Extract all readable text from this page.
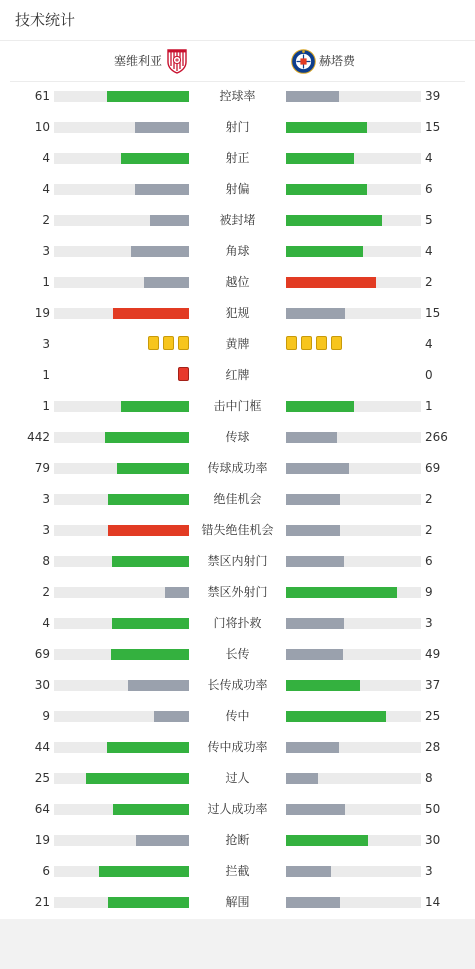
技术统计
塞维利亚	赫塔费
61	控球率	39
10	射门	15
4	射正	4
4	射偏	6
2	被封堵	5
3	角球	4
1	越位	2
19	犯规	15
3	黄牌	4
1	红牌	0
1	击中门框	1
442	传球	266
79	传球成功率	69
3	绝佳机会	2
3	错失绝佳机会	2
8	禁区内射门	6
2	禁区外射门	9
4	门将扑救	3
69	长传	49
30	长传成功率	37
9	传中	25
44	传中成功率	28
25	过人	8
64	过人成功率	50
19	抢断	30
6	拦截	3
21	解围	14
